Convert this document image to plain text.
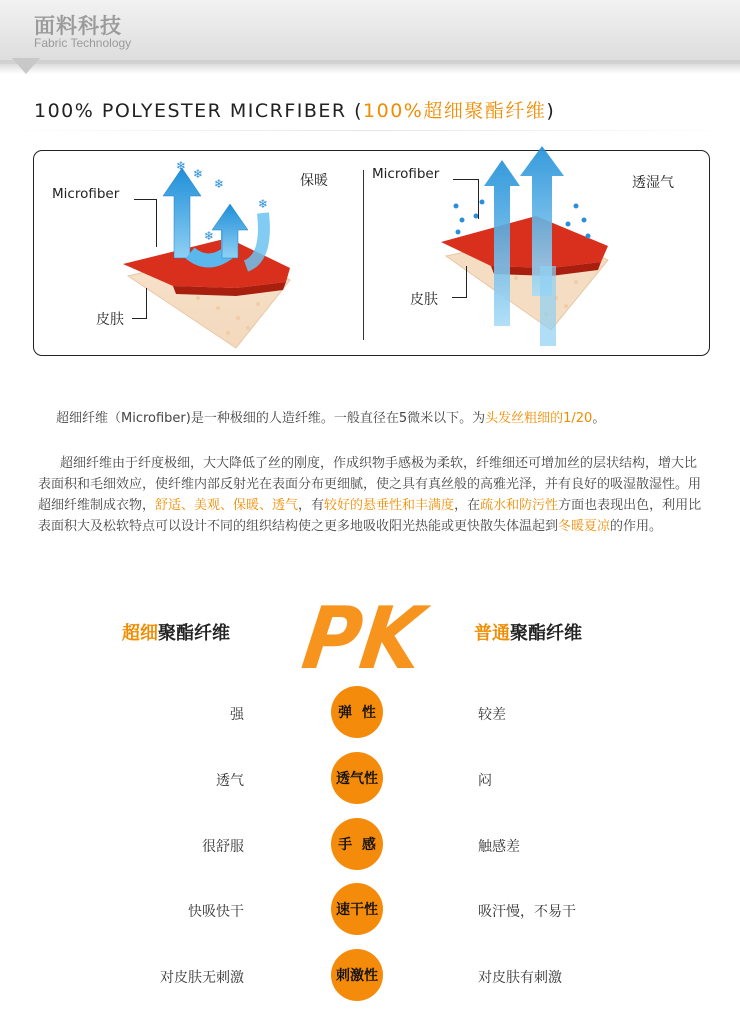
面料科技
Fabric Technology
100% POLYESTER MICRFIBER (100%超细聚酯纤维)
❄
❄
❄
❄
❄
Microfiber
皮肤
保暖	Microfiber
皮肤
透湿气
超细纤维（Microfiber)是一种极细的人造纤维。一般直径在5微米以下。为头发丝粗细的1/20。
超细纤维由于纤度极细，大大降低了丝的刚度，作成织物手感极为柔软，纤维细还可增加丝的层状结构，增大比表面积和毛细效应，使纤维内部反射光在表面分布更细腻，使之具有真丝般的高雅光泽，并有良好的吸湿散湿性。用超细纤维制成衣物，舒适、美观、保暖、透气，有较好的悬垂性和丰满度，在疏水和防污性方面也表现出色，利用比表面积大及松软特点可以设计不同的组织结构使之更多地吸收阳光热能或更快散失体温起到冬暖夏凉的作用。
超细聚酯纤维 PK 普通聚酯纤维
强	弹  性	较差
透气	透气性	闷
很舒服	手  感	触感差
快吸快干	速干性	吸汗慢，不易干
对皮肤无刺激	刺激性	对皮肤有刺激
